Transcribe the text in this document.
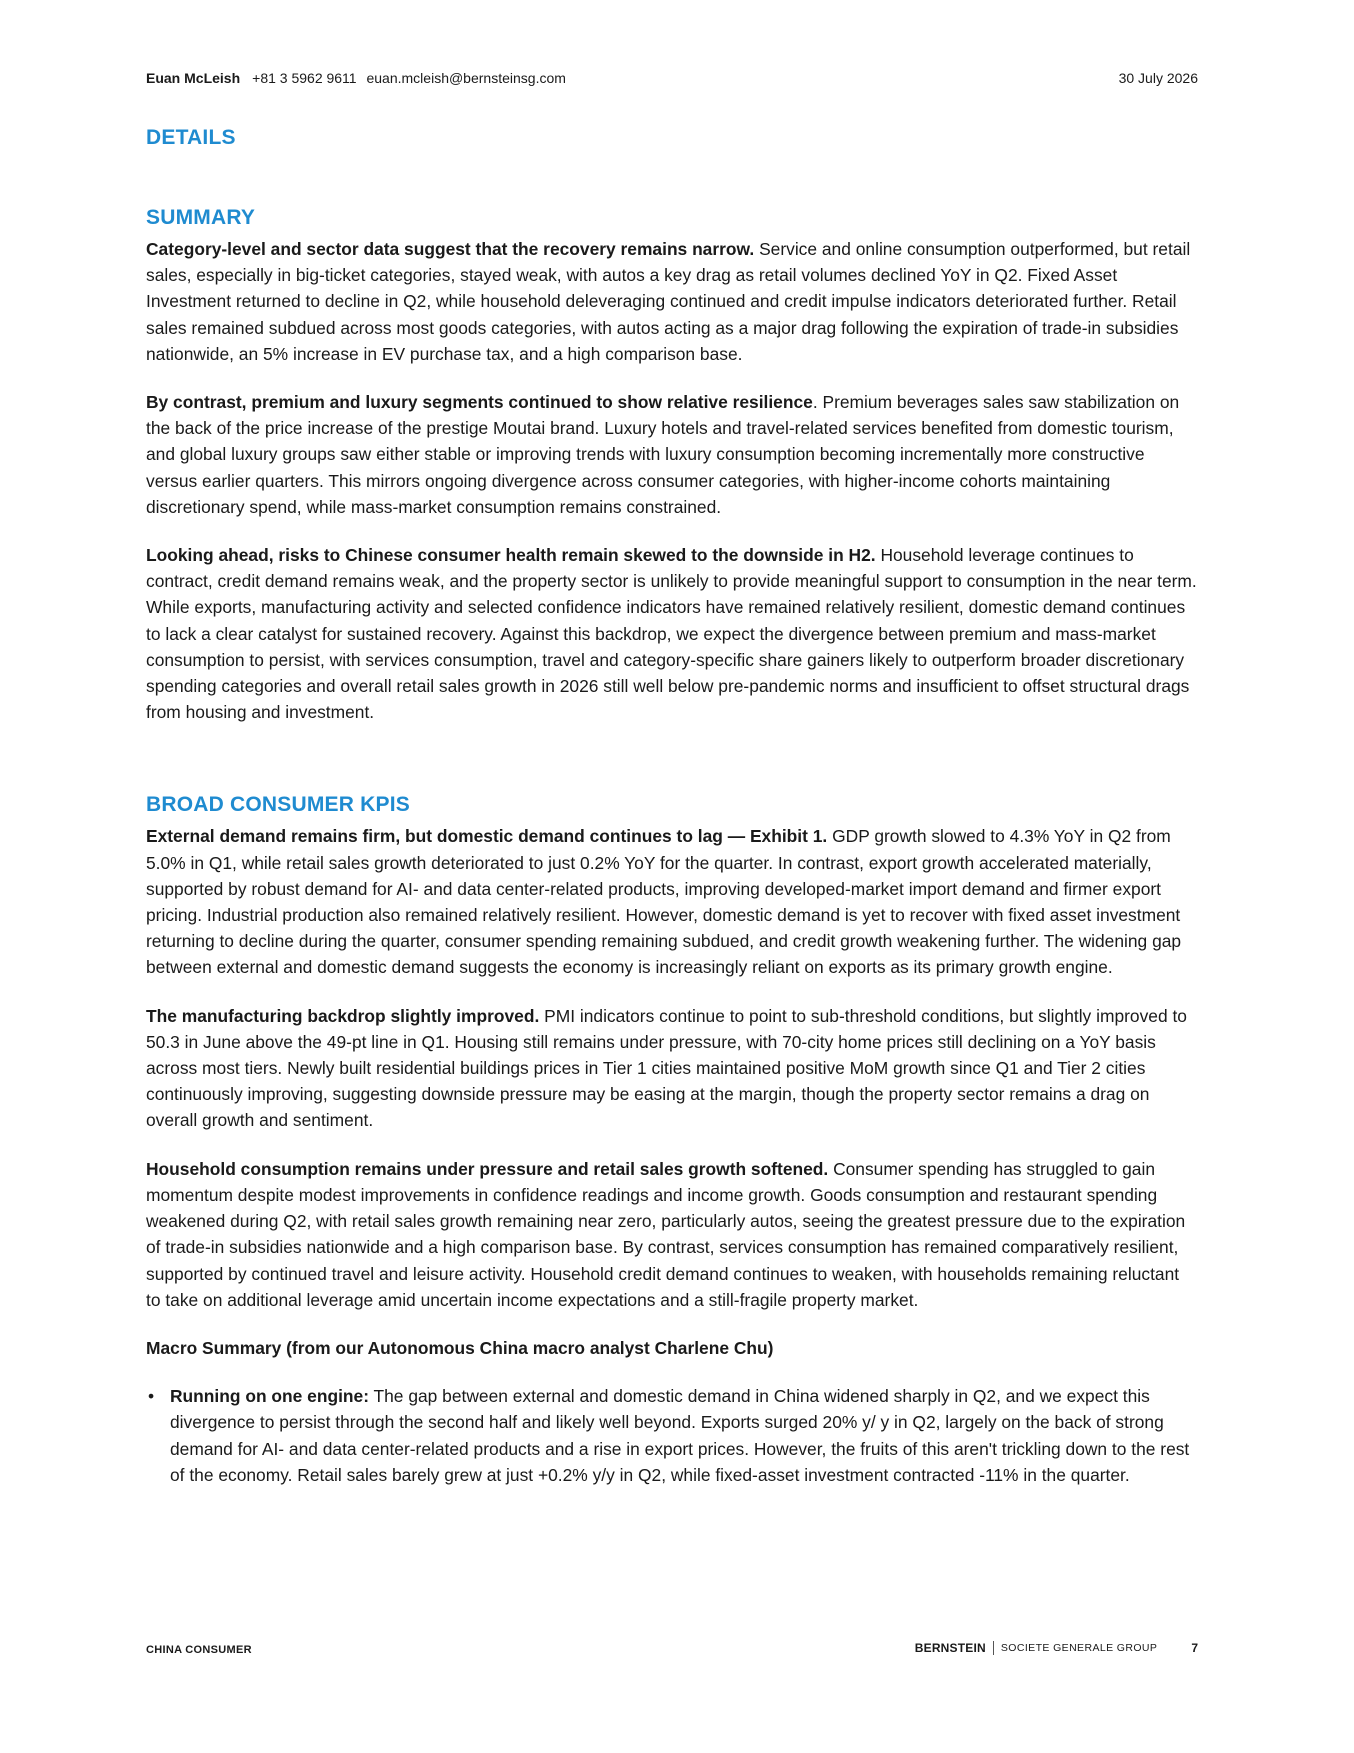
Euan McLeish +81 3 5962 9611 euan.mcleish@bernsteinsg.com	30 July 2026
DETAILS
SUMMARY

Category-level and sector data suggest that the recovery remains narrow. Service and online consumption outperformed, but retail sales, especially in big-ticket categories, stayed weak, with autos a key drag as retail volumes declined YoY in Q2. Fixed Asset Investment returned to decline in Q2, while household deleveraging continued and credit impulse indicators deteriorated further. Retail sales remained subdued across most goods categories, with autos acting as a major drag following the expiration of trade-in subsidies nationwide, an 5% increase in EV purchase tax, and a high comparison base.

By contrast, premium and luxury segments continued to show relative resilience. Premium beverages sales saw stabilization on the back of the price increase of the prestige Moutai brand. Luxury hotels and travel-related services benefited from domestic tourism, and global luxury groups saw either stable or improving trends with luxury consumption becoming incrementally more constructive versus earlier quarters. This mirrors ongoing divergence across consumer categories, with higher-income cohorts maintaining discretionary spend, while mass-market consumption remains constrained.

Looking ahead, risks to Chinese consumer health remain skewed to the downside in H2. Household leverage continues to contract, credit demand remains weak, and the property sector is unlikely to provide meaningful support to consumption in the near term. While exports, manufacturing activity and selected confidence indicators have remained relatively resilient, domestic demand continues to lack a clear catalyst for sustained recovery. Against this backdrop, we expect the divergence between premium and mass-market consumption to persist, with services consumption, travel and category-specific share gainers likely to outperform broader discretionary spending categories and overall retail sales growth in 2026 still well below pre-pandemic norms and insufficient to offset structural drags from housing and investment.

BROAD CONSUMER KPIS

External demand remains firm, but domestic demand continues to lag — Exhibit 1. GDP growth slowed to 4.3% YoY in Q2 from 5.0% in Q1, while retail sales growth deteriorated to just 0.2% YoY for the quarter. In contrast, export growth accelerated materially, supported by robust demand for AI- and data center-related products, improving developed-market import demand and firmer export pricing. Industrial production also remained relatively resilient. However, domestic demand is yet to recover with fixed asset investment returning to decline during the quarter, consumer spending remaining subdued, and credit growth weakening further. The widening gap between external and domestic demand suggests the economy is increasingly reliant on exports as its primary growth engine.

The manufacturing backdrop slightly improved. PMI indicators continue to point to sub-threshold conditions, but slightly improved to 50.3 in June above the 49-pt line in Q1. Housing still remains under pressure, with 70-city home prices still declining on a YoY basis across most tiers. Newly built residential buildings prices in Tier 1 cities maintained positive MoM growth since Q1 and Tier 2 cities continuously improving, suggesting downside pressure may be easing at the margin, though the property sector remains a drag on overall growth and sentiment.

Household consumption remains under pressure and retail sales growth softened. Consumer spending has struggled to gain momentum despite modest improvements in confidence readings and income growth. Goods consumption and restaurant spending weakened during Q2, with retail sales growth remaining near zero, particularly autos, seeing the greatest pressure due to the expiration of trade-in subsidies nationwide and a high comparison base. By contrast, services consumption has remained comparatively resilient, supported by continued travel and leisure activity. Household credit demand continues to weaken, with households remaining reluctant to take on additional leverage amid uncertain income expectations and a still-fragile property market.

Macro Summary (from our Autonomous China macro analyst Charlene Chu)
• Running on one engine: The gap between external and domestic demand in China widened sharply in Q2, and we expect this divergence to persist through the second half and likely well beyond. Exports surged 20% y/ y in Q2, largely on the back of strong demand for AI- and data center-related products and a rise in export prices. However, the fruits of this aren't trickling down to the rest of the economy. Retail sales barely grew at just +0.2% y/y in Q2, while fixed-asset investment contracted -11% in the quarter.
CHINA CONSUMER	BERNSTEIN SOCIETE GENERALE GROUP	7
